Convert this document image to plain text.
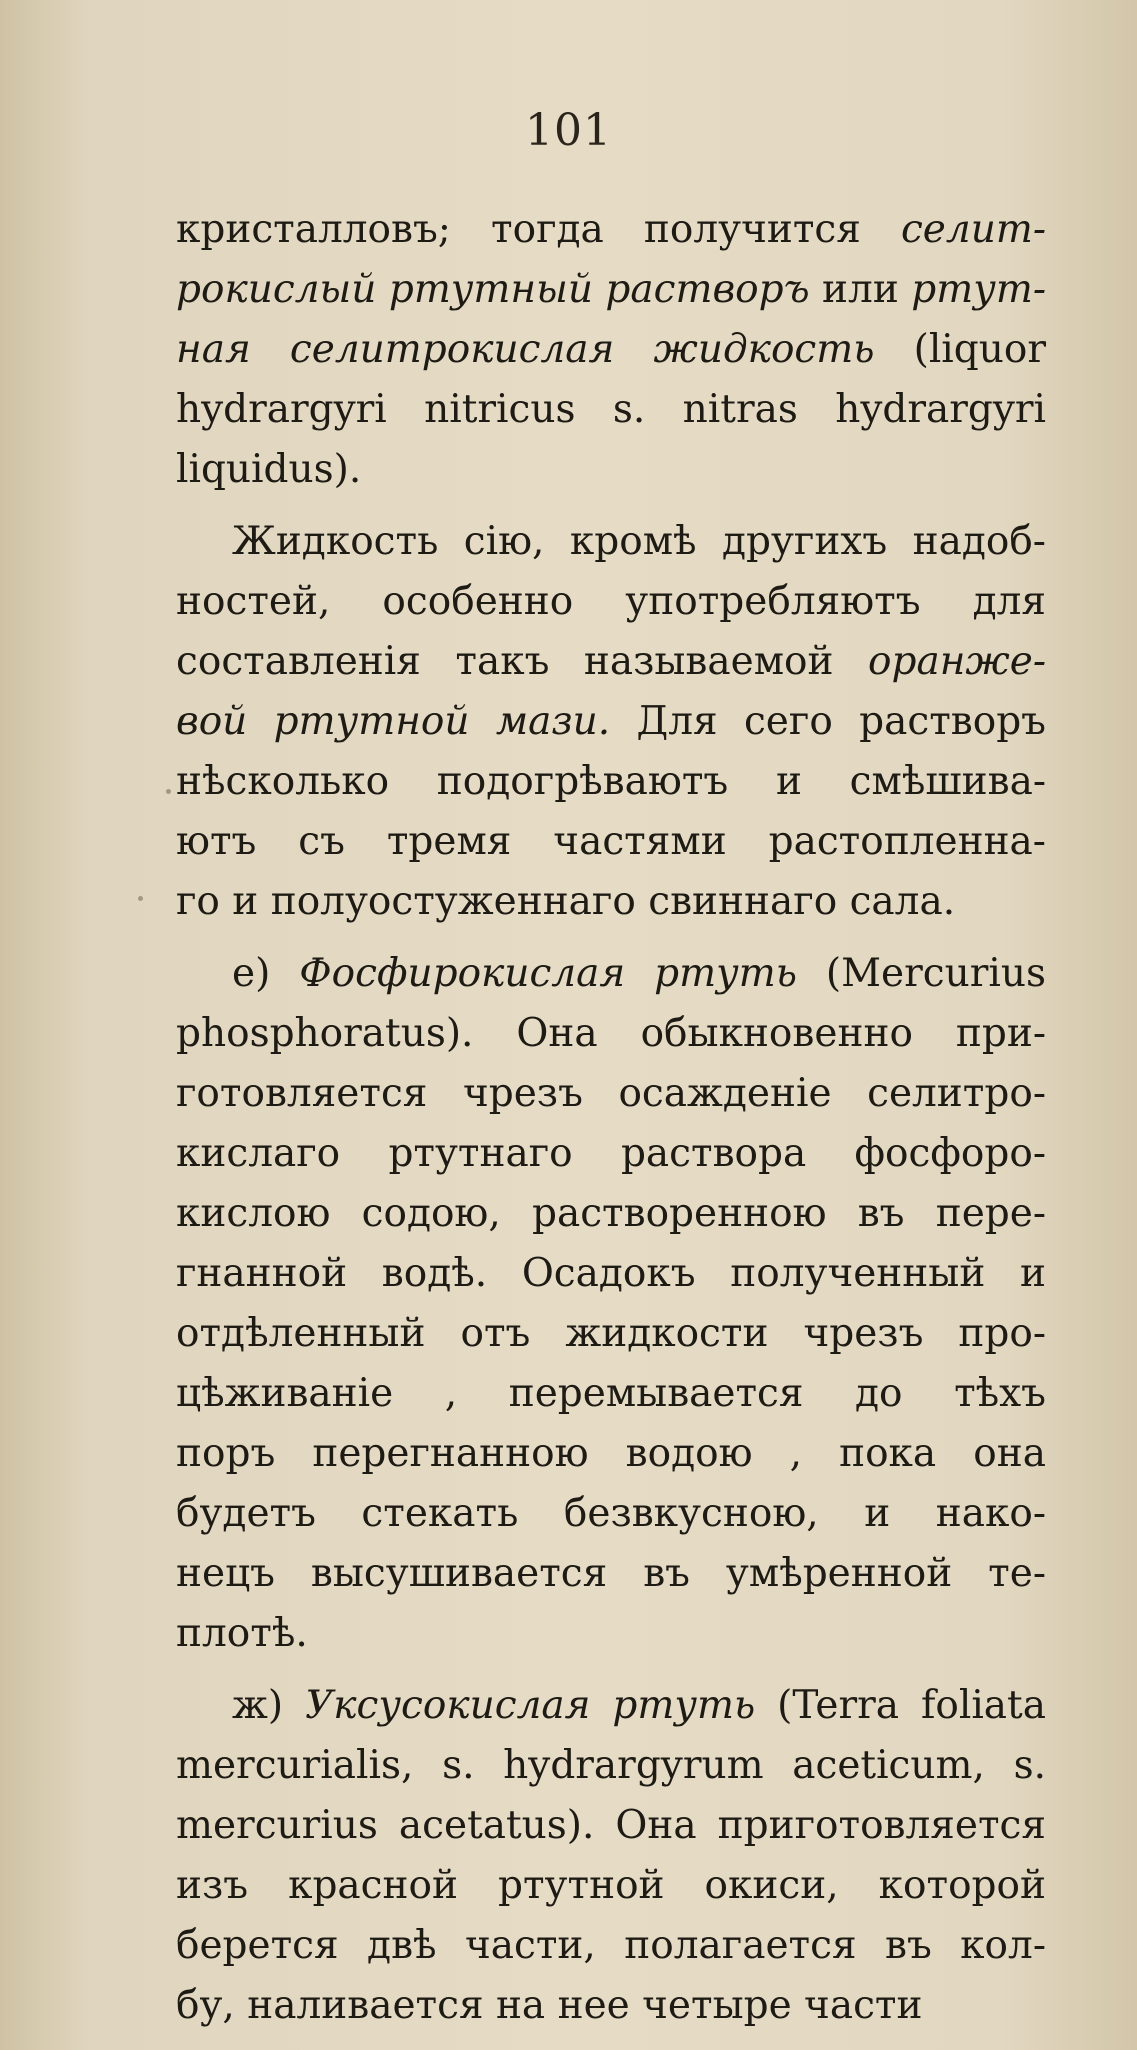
101
кристалловъ; тогда получится селит-
рокислый ртутный растворъ или ртут-
ная селитрокислая жидкость (liquor
hydrargyri nitricus s. nitras hydrargyri
liquidus).
Жидкость сію, кромѣ другихъ надоб-
ностей, особенно употребляютъ для
составленія такъ называемой оранже-
вой ртутной мази. Для сего растворъ
нѣсколько подогрѣваютъ и смѣшива-
ютъ съ тремя частями растопленна-
го и полуостуженнаго свиннаго сала.
е) Фосфирокислая ртуть (Mercurius
phosphoratus). Она обыкновенно при-
готовляется чрезъ осажденіе селитро-
кислаго ртутнаго раствора фосфоро-
кислою содою, растворенною въ пере-
гнанной водѣ. Осадокъ полученный и
отдѣленный отъ жидкости чрезъ про-
цѣживаніе , перемывается до тѣхъ
поръ перегнанною водою , пока она
будетъ стекать безвкусною, и нако-
нецъ высушивается въ умѣренной те-
плотѣ.
ж) Уксусокислая ртуть (Terra foliata
mercurialis, s. hydrargyrum aceticum, s.
mercurius acetatus). Она приготовляется
изъ красной ртутной окиси, которой
берется двѣ части, полагается въ кол-
бу, наливается на нее четыре части
